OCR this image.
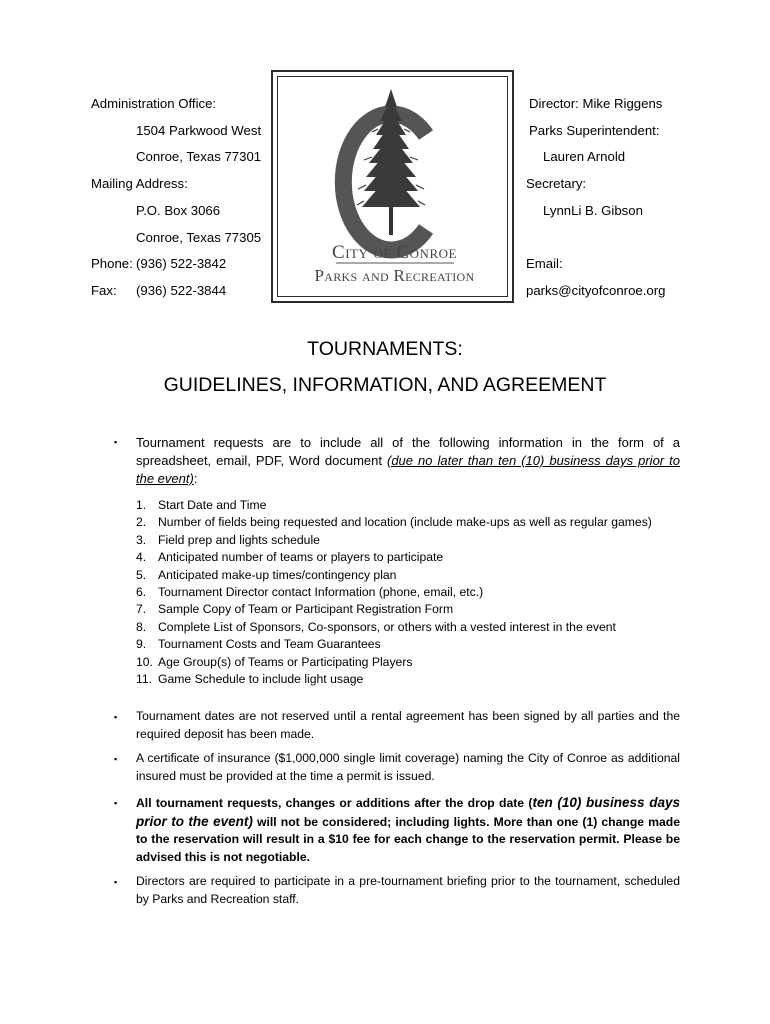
Administration Office:
1504 Parkwood West
Conroe, Texas 77301
Mailing Address:
P.O. Box 3066
Conroe, Texas 77305
Phone: (936) 522-3842
Fax: (936) 522-3844
City of Conroe
Parks and Recreation
Director: Mike Riggens
Parks Superintendent:
Lauren Arnold
Secretary:
LynnLi B. Gibson
Email:
parks@cityofconroe.org
TOURNAMENTS:
GUIDELINES, INFORMATION, AND AGREEMENT
▪ Tournament requests are to include all of the following information in the form of a spreadsheet, email, PDF, Word document (due no later than ten (10) business days prior to the event):
1. Start Date and Time
2. Number of fields being requested and location (include make-ups as well as regular games)
3. Field prep and lights schedule
4. Anticipated number of teams or players to participate
5. Anticipated make-up times/contingency plan
6. Tournament Director contact Information (phone, email, etc.)
7. Sample Copy of Team or Participant Registration Form
8. Complete List of Sponsors, Co-sponsors, or others with a vested interest in the event
9. Tournament Costs and Team Guarantees
10. Age Group(s) of Teams or Participating Players
11. Game Schedule to include light usage
▪ Tournament dates are not reserved until a rental agreement has been signed by all parties and the required deposit has been made.
▪ A certificate of insurance ($1,000,000 single limit coverage) naming the City of Conroe as additional insured must be provided at the time a permit is issued.
▪ All tournament requests, changes or additions after the drop date (ten (10) business days prior to the event) will not be considered; including lights. More than one (1) change made to the reservation will result in a $10 fee for each change to the reservation permit. Please be advised this is not negotiable.
▪ Directors are required to participate in a pre-tournament briefing prior to the tournament, scheduled by Parks and Recreation staff.
